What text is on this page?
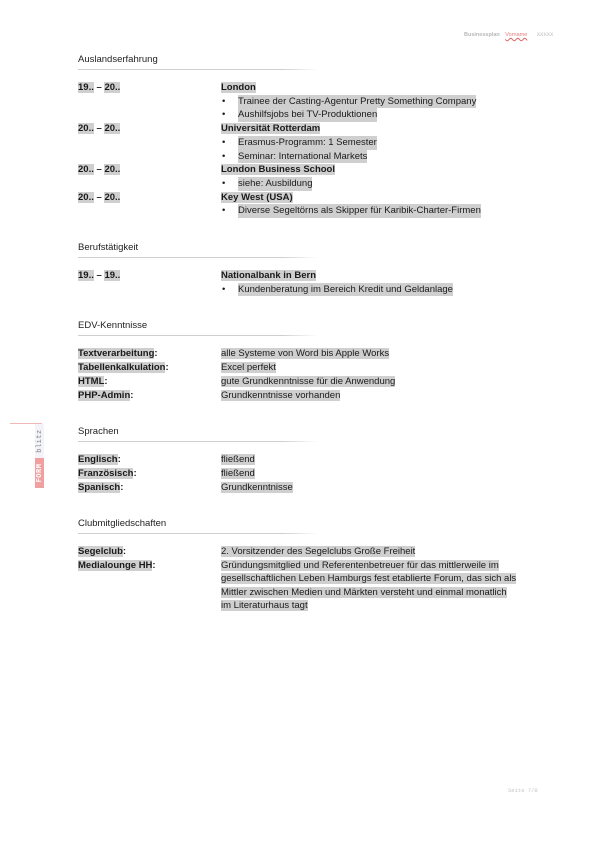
Businessplan Vorname XXXXX
blitz
FORM
Auslandserfahrung
19.. – 20..	London
•	Trainee der Casting-Agentur Pretty Something Company
•	Aushilfsjobs bei TV-Produktionen
20.. – 20..	Universität Rotterdam
•	Erasmus-Programm: 1 Semester
•	Seminar: International Markets
20.. – 20..	London Business School
•	siehe: Ausbildung
20.. – 20..	Key West (USA)
•	Diverse Segeltörns als Skipper für Karibik-Charter-Firmen
Berufstätigkeit
19.. – 19..	Nationalbank in Bern
•	Kundenberatung im Bereich Kredit und Geldanlage
EDV-Kenntnisse
Textverarbeitung:	alle Systeme von Word bis Apple Works
Tabellenkalkulation:	Excel perfekt
HTML:	gute Grundkenntnisse für die Anwendung
PHP-Admin:	Grundkenntnisse vorhanden
Sprachen
Englisch:	fließend
Französisch:	fließend
Spanisch:	Grundkenntnisse
Clubmitgliedschaften
Segelclub:	2. Vorsitzender des Segelclubs Große Freiheit
Medialounge HH:	Gründungsmitglied und Referentenbetreuer für das mittlerweile im gesellschaftlichen Leben Hamburgs fest etablierte Forum, das sich als Mittler zwischen Medien und Märkten versteht und einmal monatlich im Literaturhaus tagt
Seite 7/8
